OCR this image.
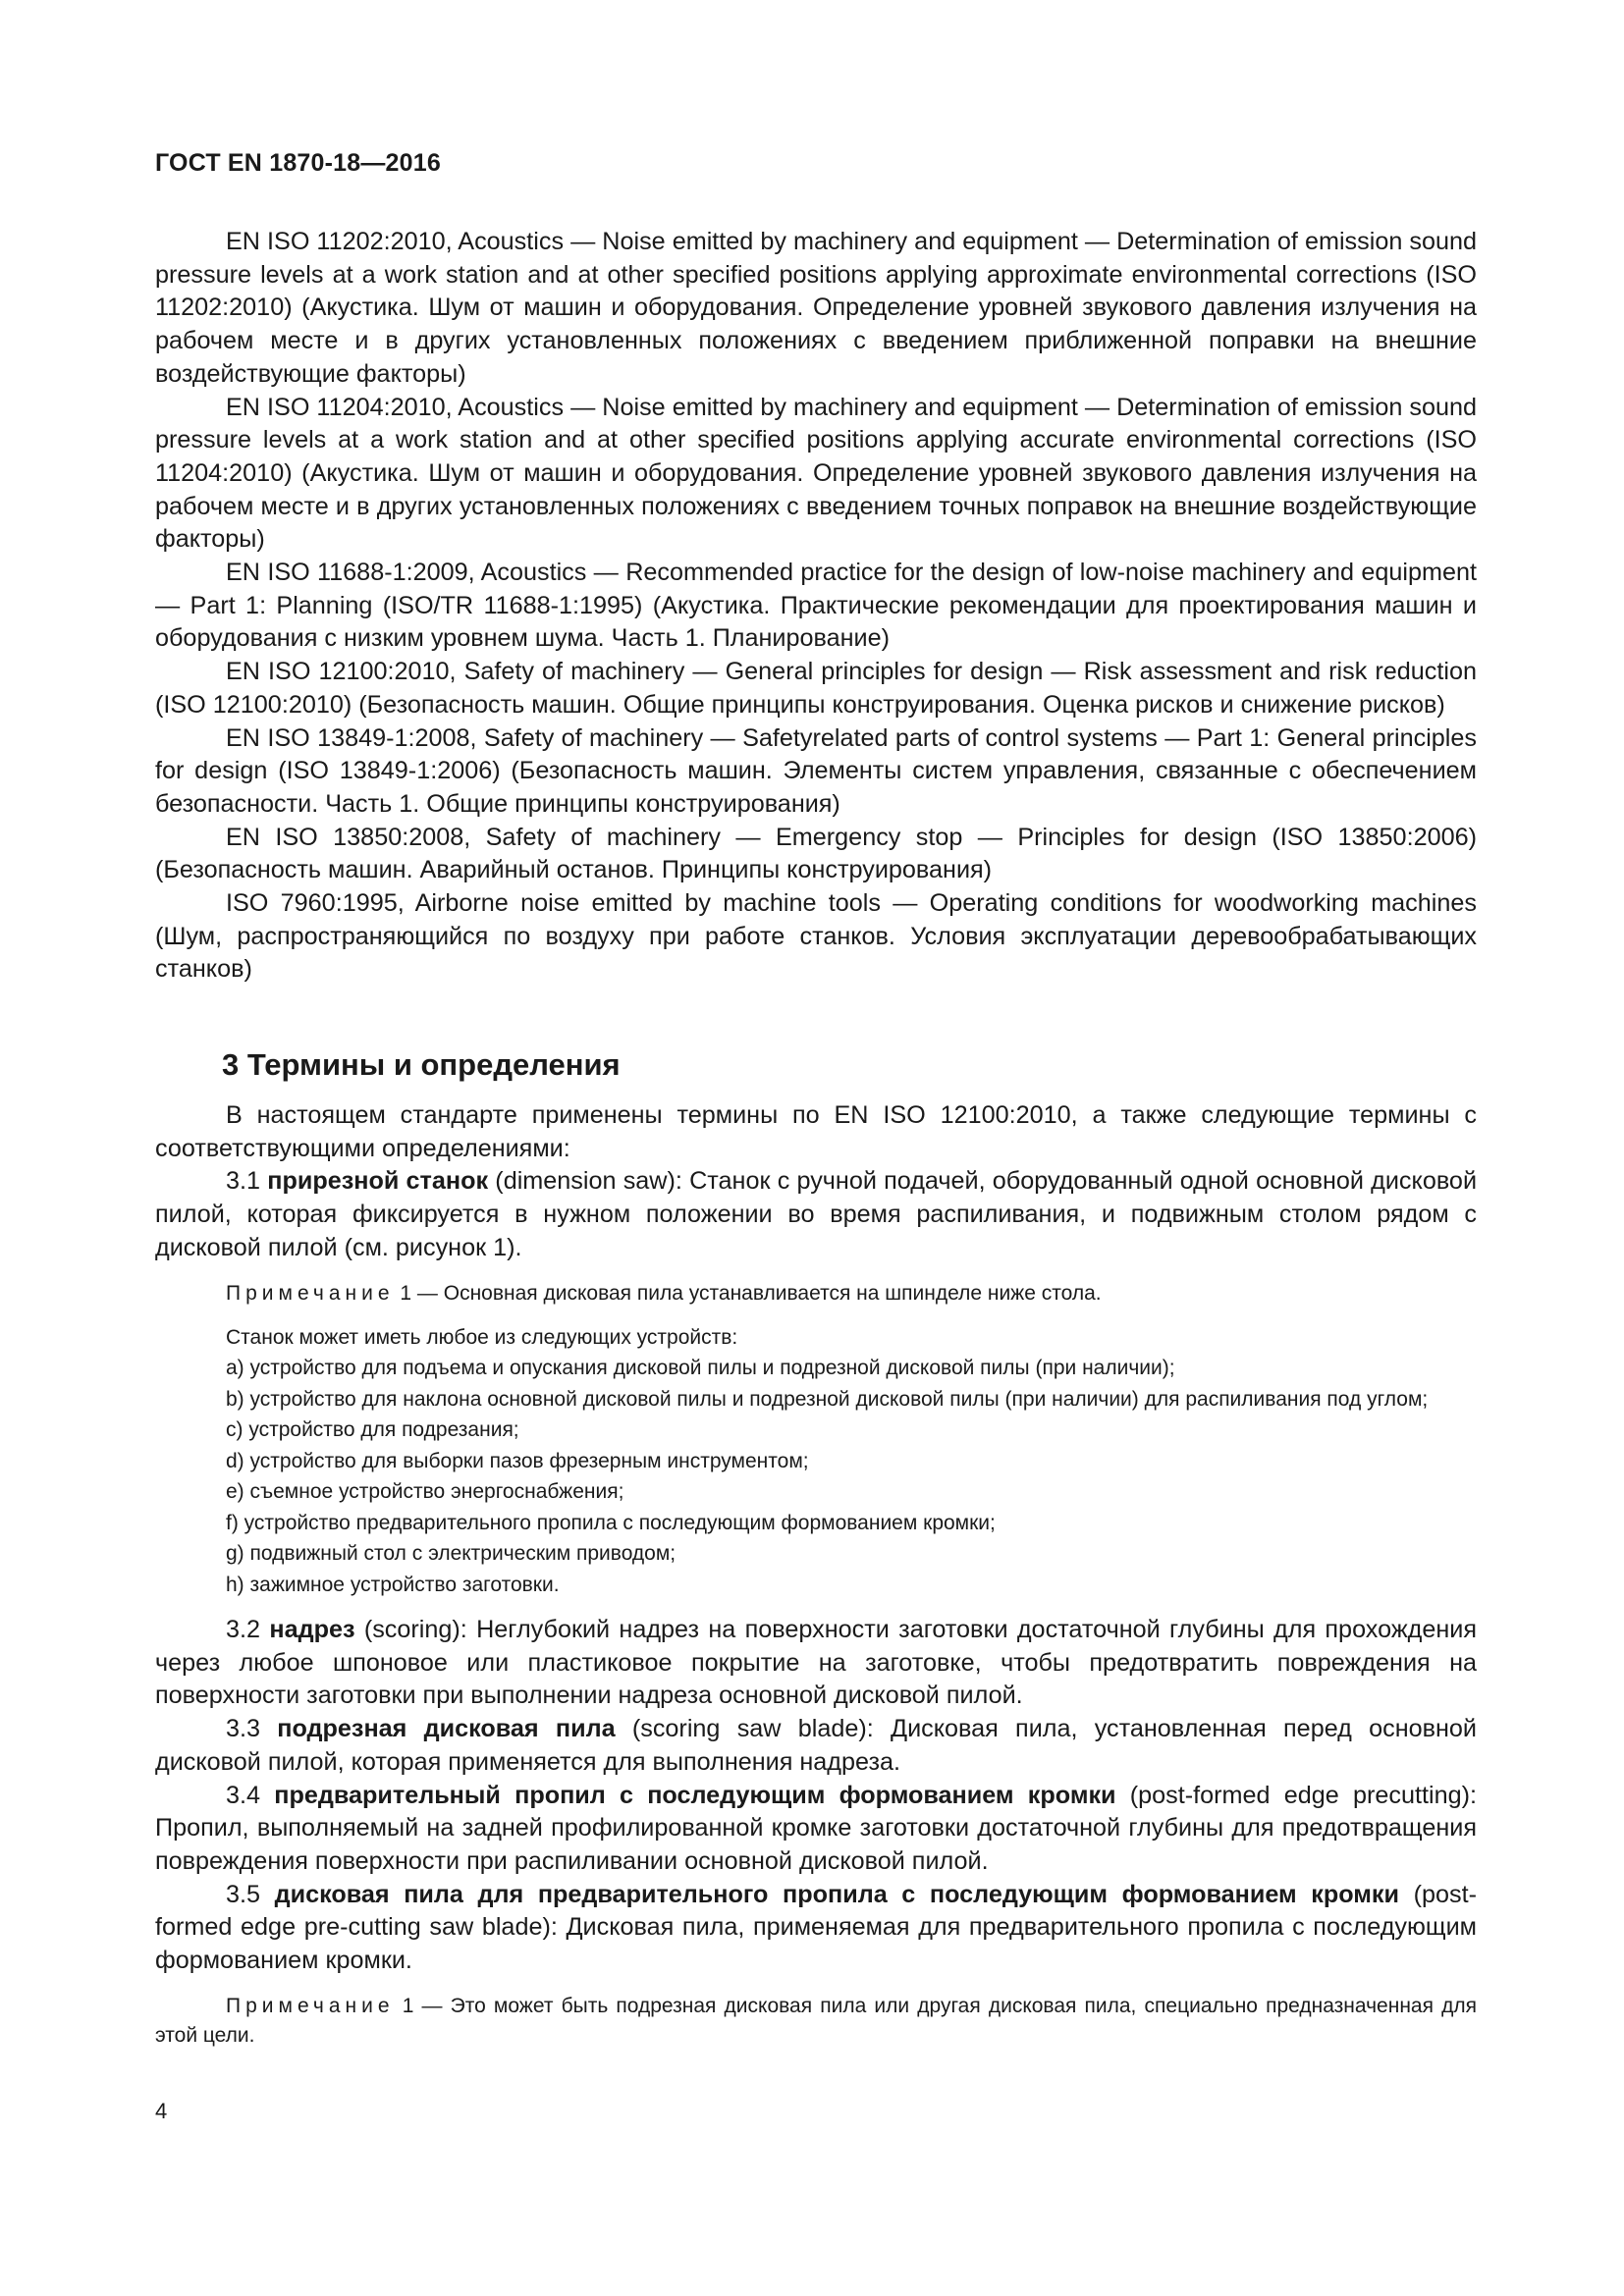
ГОСТ EN 1870-18—2016

EN ISO 11202:2010, Acoustics — Noise emitted by machinery and equipment — Determination of emission sound pressure levels at a work station and at other specified positions applying approximate environmental corrections (ISO 11202:2010) (Акустика. Шум от машин и оборудования. Определение уровней звукового давления излучения на рабочем месте и в других установленных положениях с введением приближенной поправки на внешние воздействующие факторы)

EN ISO 11204:2010, Acoustics — Noise emitted by machinery and equipment — Determination of emission sound pressure levels at a work station and at other specified positions applying accurate environmental corrections (ISO 11204:2010) (Акустика. Шум от машин и оборудования. Определение уровней звукового давления излучения на рабочем месте и в других установленных положениях с введением точных поправок на внешние воздействующие факторы)

EN ISO 11688-1:2009, Acoustics — Recommended practice for the design of low-noise machinery and equipment — Part 1: Planning (ISO/TR 11688-1:1995) (Акустика. Практические рекомендации для проектирования машин и оборудования с низким уровнем шума. Часть 1. Планирование)

EN ISO 12100:2010, Safety of machinery — General principles for design — Risk assessment and risk reduction (ISO 12100:2010) (Безопасность машин. Общие принципы конструирования. Оценка рисков и снижение рисков)

EN ISO 13849-1:2008, Safety of machinery — Safetyrelated parts of control systems — Part 1: General principles for design (ISO 13849-1:2006) (Безопасность машин. Элементы систем управления, связанные с обеспечением безопасности. Часть 1. Общие принципы конструирования)

EN ISO 13850:2008, Safety of machinery — Emergency stop — Principles for design (ISO 13850:2006) (Безопасность машин. Аварийный останов. Принципы конструирования)

ISO 7960:1995, Airborne noise emitted by machine tools — Operating conditions for woodworking machines (Шум, распространяющийся по воздуху при работе станков. Условия эксплуатации деревообрабатывающих станков)

3 Термины и определения

В настоящем стандарте применены термины по EN ISO 12100:2010, а также следующие термины с соответствующими определениями:

3.1 прирезной станок (dimension saw): Станок с ручной подачей, оборудованный одной основной дисковой пилой, которая фиксируется в нужном положении во время распиливания, и подвижным столом рядом с дисковой пилой (см. рисунок 1).

Примечание 1 — Основная дисковая пила устанавливается на шпинделе ниже стола.

Станок может иметь любое из следующих устройств:

a) устройство для подъема и опускания дисковой пилы и подрезной дисковой пилы (при наличии);

b) устройство для наклона основной дисковой пилы и подрезной дисковой пилы (при наличии) для распиливания под углом;

c) устройство для подрезания;

d) устройство для выборки пазов фрезерным инструментом;

e) съемное устройство энергоснабжения;

f) устройство предварительного пропила с последующим формованием кромки;

g) подвижный стол с электрическим приводом;

h) зажимное устройство заготовки.

3.2 надрез (scoring): Неглубокий надрез на поверхности заготовки достаточной глубины для прохождения через любое шпоновое или пластиковое покрытие на заготовке, чтобы предотвратить повреждения на поверхности заготовки при выполнении надреза основной дисковой пилой.

3.3 подрезная дисковая пила (scoring saw blade): Дисковая пила, установленная перед основной дисковой пилой, которая применяется для выполнения надреза.

3.4 предварительный пропил с последующим формованием кромки (post-formed edge precutting): Пропил, выполняемый на задней профилированной кромке заготовки достаточной глубины для предотвращения повреждения поверхности при распиливании основной дисковой пилой.

3.5 дисковая пила для предварительного пропила с последующим формованием кромки (post-formed edge pre-cutting saw blade): Дисковая пила, применяемая для предварительного пропила с последующим формованием кромки.

Примечание 1 — Это может быть подрезная дисковая пила или другая дисковая пила, специально предназначенная для этой цели.

4
